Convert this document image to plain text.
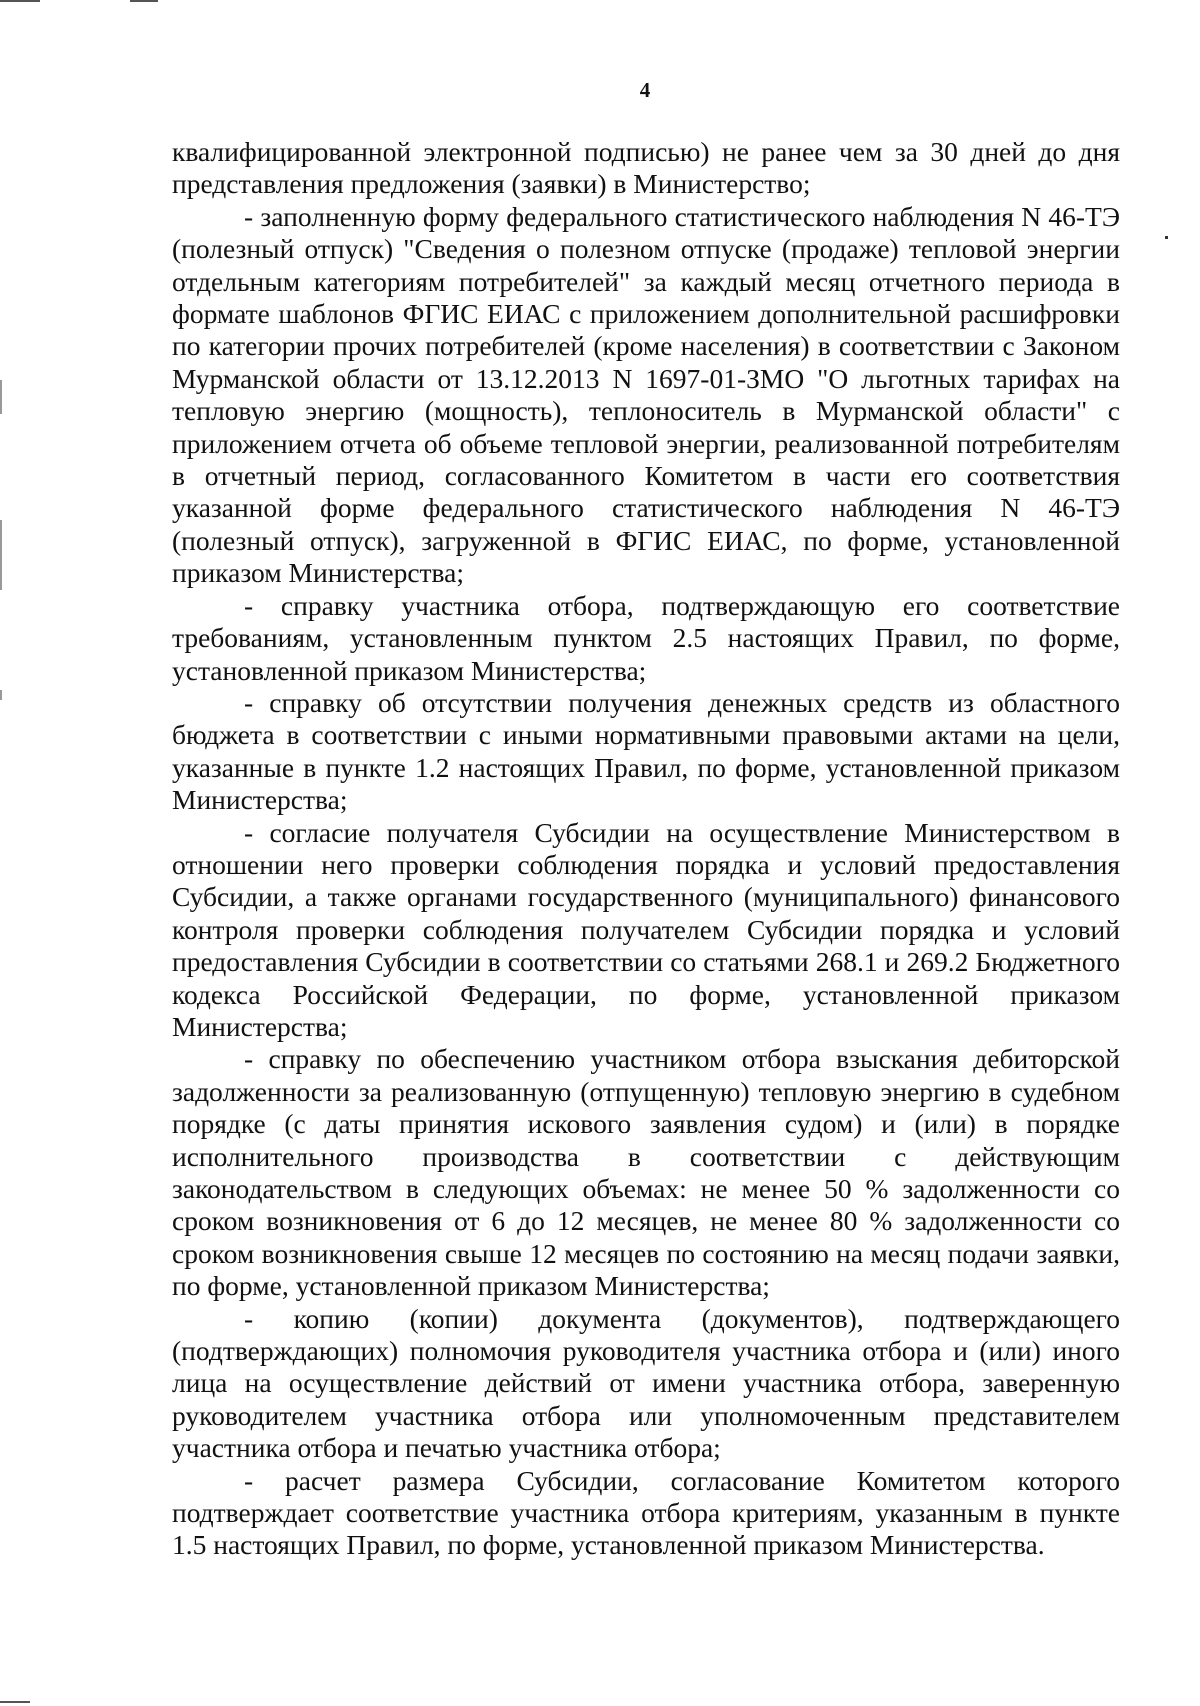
4

квалифицированной электронной подписью) не ранее чем за 30 дней до дня представления предложения (заявки) в Министерство;

- заполненную форму федерального статистического наблюдения N 46-ТЭ (полезный отпуск) "Сведения о полезном отпуске (продаже) тепловой энергии отдельным категориям потребителей" за каждый месяц отчетного периода в формате шаблонов ФГИС ЕИАС с приложением дополнительной расшифровки по категории прочих потребителей (кроме населения) в соответствии с Законом Мурманской области от 13.12.2013 N 1697-01-ЗМО "О льготных тарифах на тепловую энергию (мощность), теплоноситель в Мурманской области" с приложением отчета об объеме тепловой энергии, реализованной потребителям в отчетный период, согласованного Комитетом в части его соответствия указанной форме федерального статистического наблюдения N 46-ТЭ (полезный отпуск), загруженной в ФГИС ЕИАС, по форме, установленной приказом Министерства;

- справку участника отбора, подтверждающую его соответствие требованиям, установленным пунктом 2.5 настоящих Правил, по форме, установленной приказом Министерства;

- справку об отсутствии получения денежных средств из областного бюджета в соответствии с иными нормативными правовыми актами на цели, указанные в пункте 1.2 настоящих Правил, по форме, установленной приказом Министерства;

- согласие получателя Субсидии на осуществление Министерством в отношении него проверки соблюдения порядка и условий предоставления Субсидии, а также органами государственного (муниципального) финансового контроля проверки соблюдения получателем Субсидии порядка и условий предоставления Субсидии в соответствии со статьями 268.1 и 269.2 Бюджетного кодекса Российской Федерации, по форме, установленной приказом Министерства;

- справку по обеспечению участником отбора взыскания дебиторской задолженности за реализованную (отпущенную) тепловую энергию в судебном порядке (с даты принятия искового заявления судом) и (или) в порядке исполнительного производства в соответствии с действующим законодательством в следующих объемах: не менее 50 % задолженности со сроком возникновения от 6 до 12 месяцев, не менее 80 % задолженности со сроком возникновения свыше 12 месяцев по состоянию на месяц подачи заявки, по форме, установленной приказом Министерства;

- копию (копии) документа (документов), подтверждающего (подтверждающих) полномочия руководителя участника отбора и (или) иного лица на осуществление действий от имени участника отбора, заверенную руководителем участника отбора или уполномоченным представителем участника отбора и печатью участника отбора;

- расчет размера Субсидии, согласование Комитетом которого подтверждает соответствие участника отбора критериям, указанным в пункте 1.5 настоящих Правил, по форме, установленной приказом Министерства.
